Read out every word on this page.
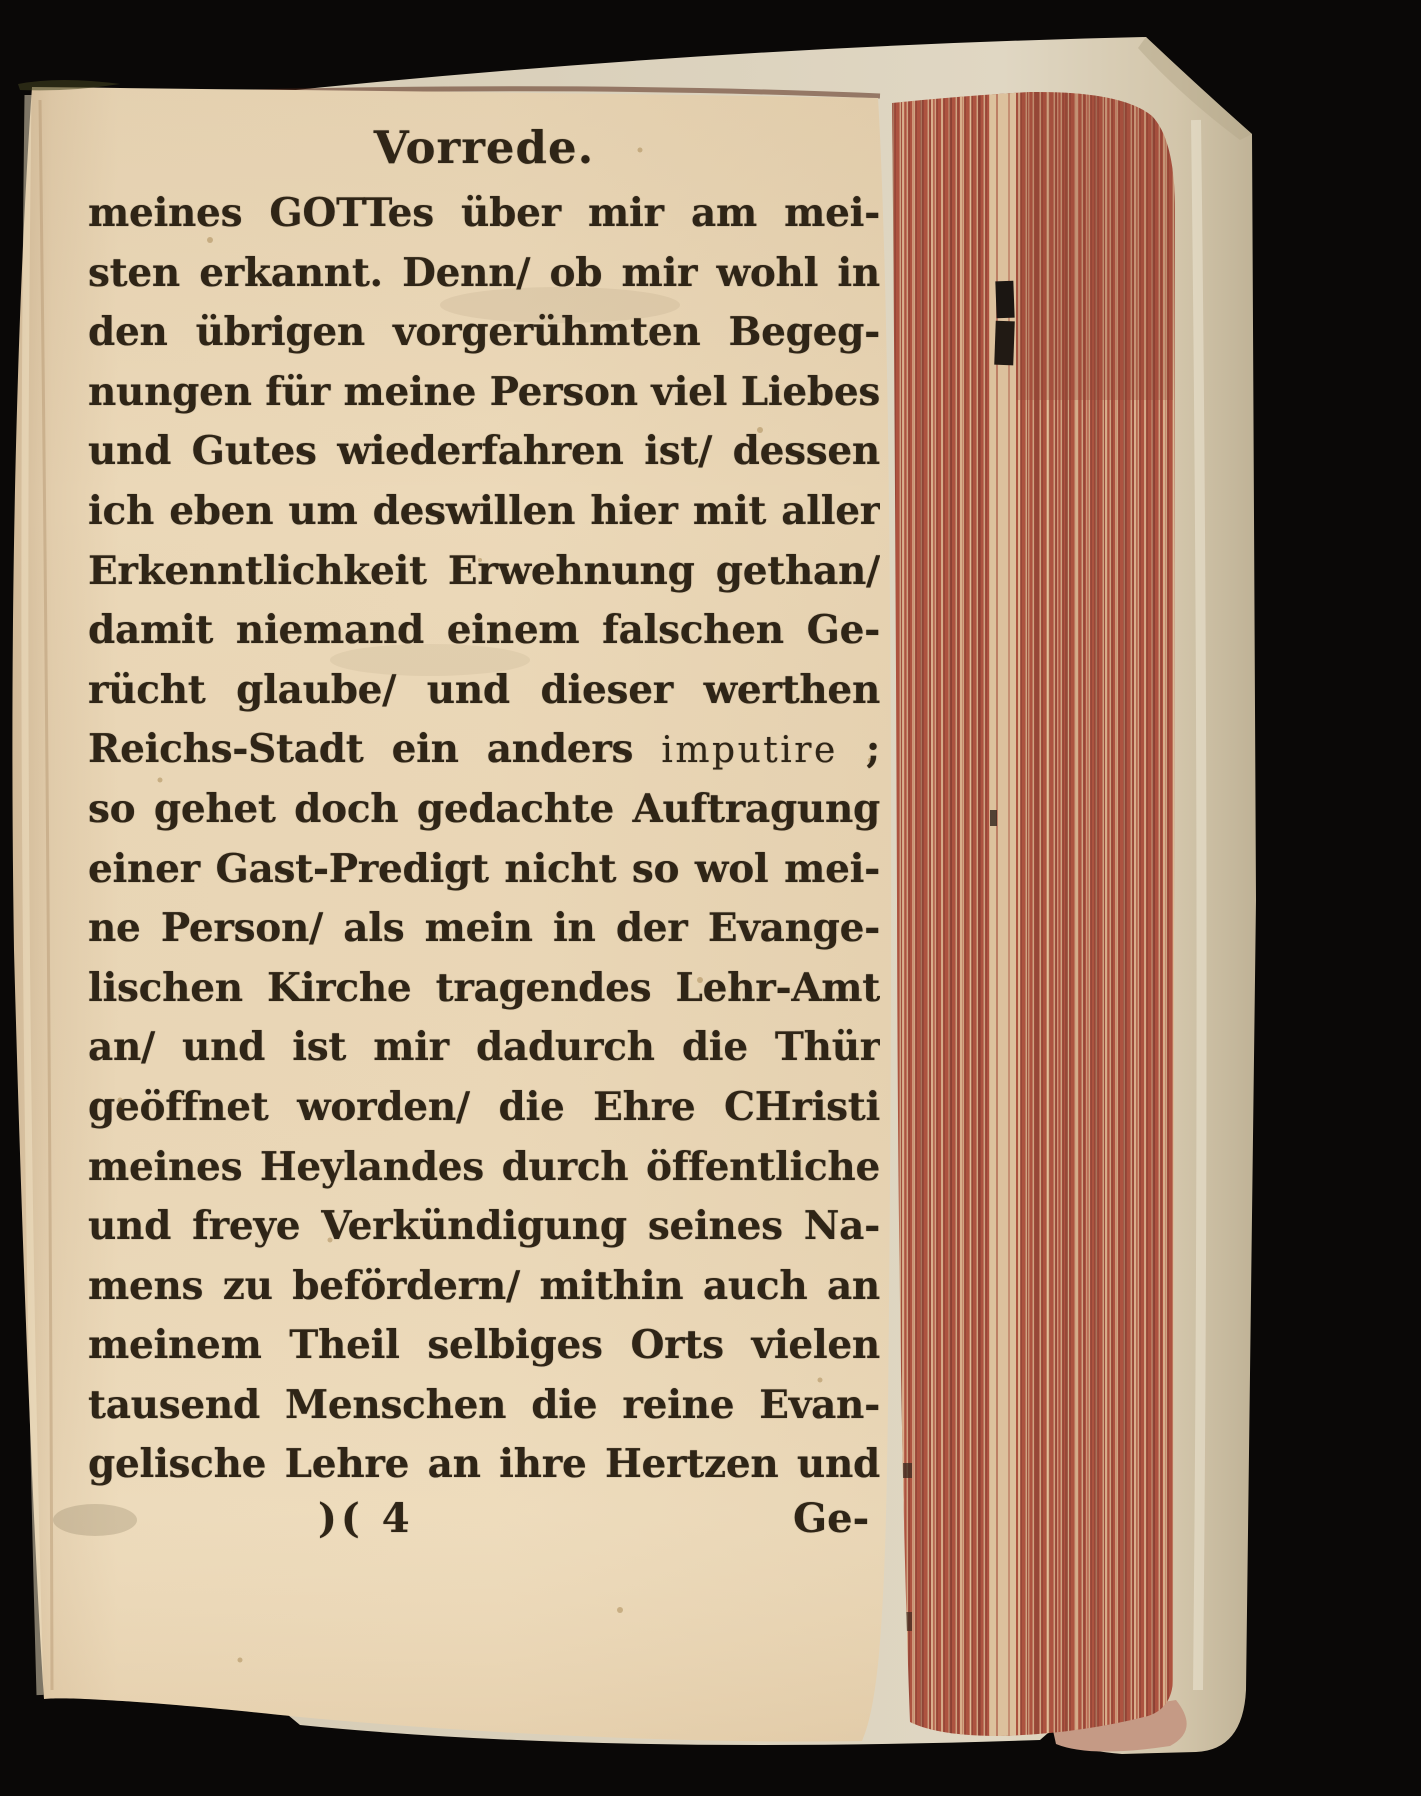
Vorrede.
meines GOTTes über mir am mei-
sten erkannt. Denn/ ob mir wohl in
den übrigen vorgerühmten Begeg-
nungen für meine Person viel Liebes
und Gutes wiederfahren ist/ dessen
ich eben um deswillen hier mit aller
Erkenntlichkeit Erwehnung gethan/
damit niemand einem falschen Ge-
rücht glaube/ und dieser werthen
Reichs-Stadt ein anders imputire ;
so gehet doch gedachte Auftragung
einer Gast-Predigt nicht so wol mei-
ne Person/ als mein in der Evange-
lischen Kirche tragendes Lehr-Amt
an/ und ist mir dadurch die Thür
geöffnet worden/ die Ehre CHristi
meines Heylandes durch öffentliche
und freye Verkündigung seines Na-
mens zu befördern/ mithin auch an
meinem Theil selbiges Orts vielen
tausend Menschen die reine Evan-
gelische Lehre an ihre Hertzen und
)( 4	Ge-
